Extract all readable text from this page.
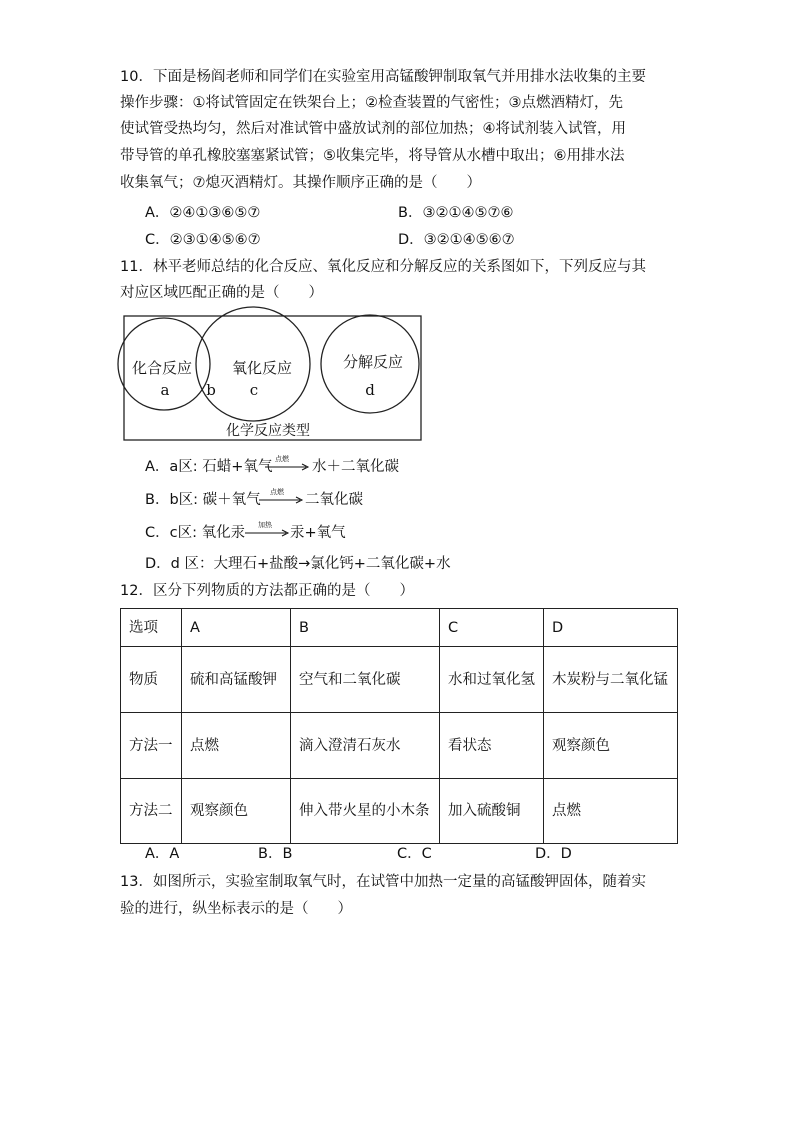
10．下面是杨阎老师和同学们在实验室用高锰酸钾制取氧气并用排水法收集的主要
操作步骤：①将试管固定在铁架台上；②检查装置的气密性；③点燃酒精灯，先
使试管受热均匀，然后对准试管中盛放试剂的部位加热；④将试剂装入试管，用
带导管的单孔橡胶塞塞紧试管；⑤收集完毕，将导管从水槽中取出；⑥用排水法
收集氧气；⑦熄灭酒精灯。其操作顺序正确的是（　　）
A．②④①③⑥⑤⑦	B．③②①④⑤⑦⑥
C．②③①④⑤⑥⑦	D．③②①④⑤⑥⑦
11．林平老师总结的化合反应、氧化反应和分解反应的关系图如下，下列反应与其
对应区域匹配正确的是（　　）
化合反应	氧化反应	分解反应
a b c	d
化学反应类型
A．a区: 石蜡+氧气 点燃 → 水＋二氧化碳
B．b区: 碳＋氧气 点燃 → 二氧化碳
C．c区: 氧化汞 加热 汞+氧气
D．d 区：大理石+盐酸→氯化钙+二氧化碳+水
12．区分下列物质的方法都正确的是（　　）
选项	A	B	C	D
物质	硫和高锰酸钾	空气和二氧化碳	水和过氧化氢	木炭粉与二氧化锰
方法一	点燃	滴入澄清石灰水	看状态	观察颜色
方法二	观察颜色	伸入带火星的小木条	加入硫酸铜	点燃
A．A	B．B	C．C	D．D
13．如图所示，实验室制取氧气时，在试管中加热一定量的高锰酸钾固体，随着实
验的进行，纵坐标表示的是（　　）
